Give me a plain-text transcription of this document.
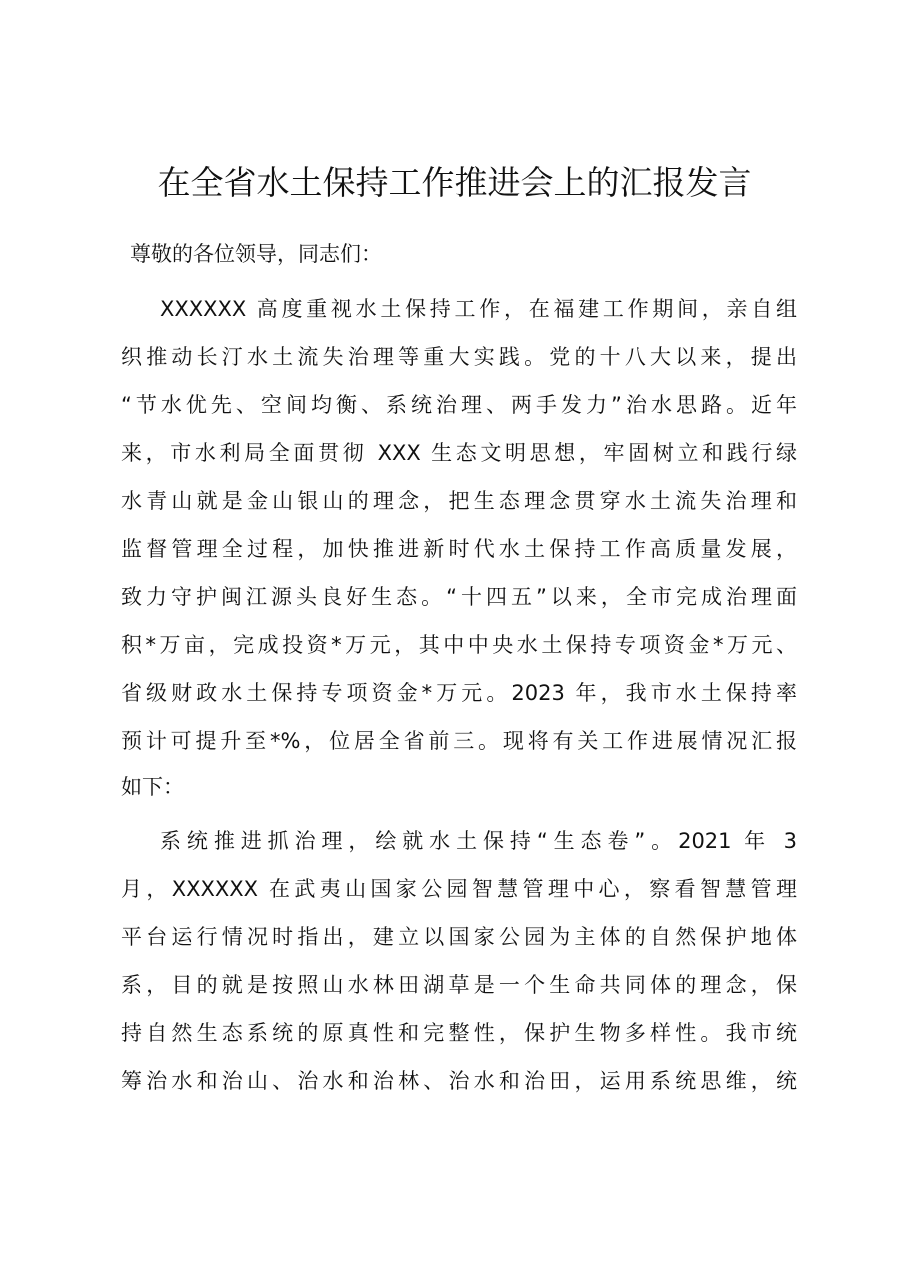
在全省水土保持工作推进会上的汇报发言
尊敬的各位领导，同志们：
XXXXXX 高度重视水土保持工作，在福建工作期间，亲自组
织推动长汀水土流失治理等重大实践。党的十八大以来，提出
“节水优先、空间均衡、系统治理、两手发力”治水思路。近年
来，市水利局全面贯彻 XXX 生态文明思想，牢固树立和践行绿
水青山就是金山银山的理念，把生态理念贯穿水土流失治理和
监督管理全过程，加快推进新时代水土保持工作高质量发展，
致力守护闽江源头良好生态。“十四五”以来，全市完成治理面
积*万亩，完成投资*万元，其中中央水土保持专项资金*万元、
省级财政水土保持专项资金*万元。2023 年，我市水土保持率
预计可提升至*%，位居全省前三。现将有关工作进展情况汇报
如下：
系统推进抓治理，绘就水土保持“生态卷”。2021 年 3
月，XXXXXX 在武夷山国家公园智慧管理中心，察看智慧管理
平台运行情况时指出，建立以国家公园为主体的自然保护地体
系，目的就是按照山水林田湖草是一个生命共同体的理念，保
持自然生态系统的原真性和完整性，保护生物多样性。我市统
筹治水和治山、治水和治林、治水和治田，运用系统思维，统
